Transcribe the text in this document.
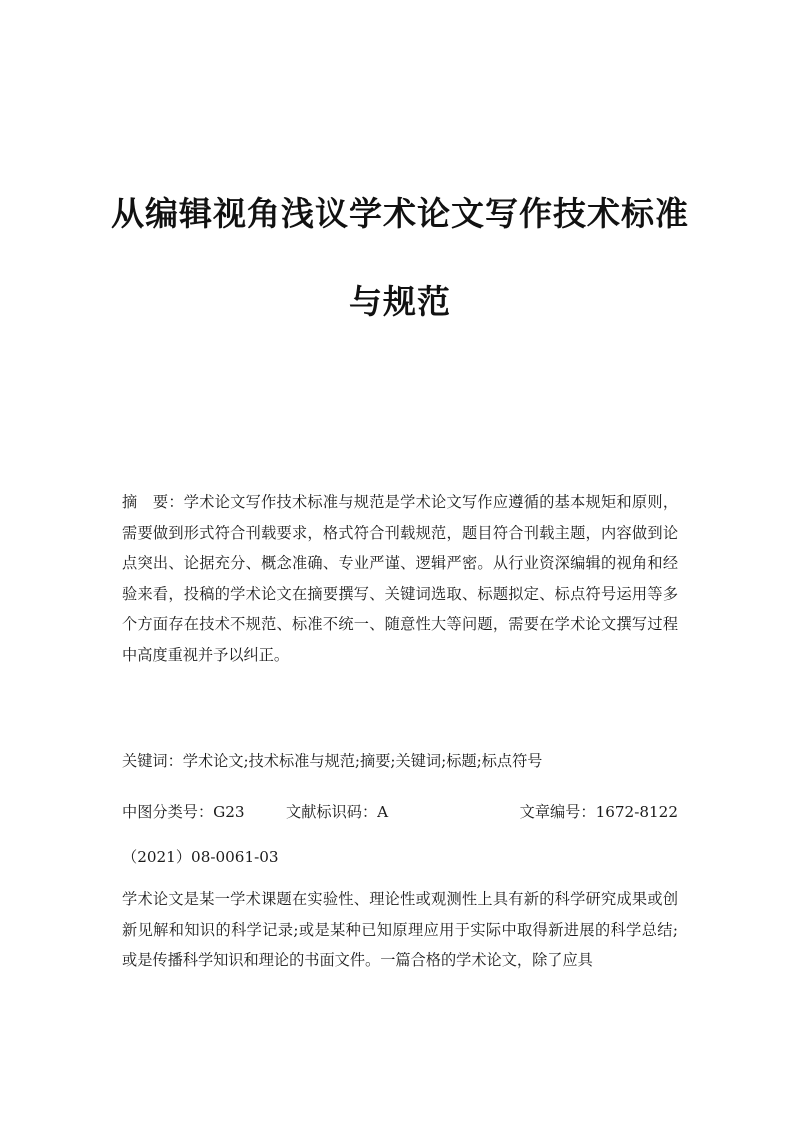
从编辑视角浅议学术论文写作技术标准
与规范

摘　要：学术论文写作技术标准与规范是学术论文写作应遵循的基本规矩和原则，需要做到形式符合刊载要求，格式符合刊载规范，题目符合刊载主题，内容做到论点突出、论据充分、概念准确、专业严谨、逻辑严密。从行业资深编辑的视角和经验来看，投稿的学术论文在摘要撰写、关键词选取、标题拟定、标点符号运用等多个方面存在技术不规范、标准不统一、随意性大等问题，需要在学术论文撰写过程中高度重视并予以纠正。

关键词：学术论文;技术标准与规范;摘要;关键词;标题;标点符号

中图分类号：G23	文献标识码：A	文章编号：1672-8122
（2021）08-0061-03

学术论文是某一学术课题在实验性、理论性或观测性上具有新的科学研究成果或创新见解和知识的科学记录;或是某种已知原理应用于实际中取得新进展的科学总结;或是传播科学知识和理论的书面文件。一篇合格的学术论文，除了应具
